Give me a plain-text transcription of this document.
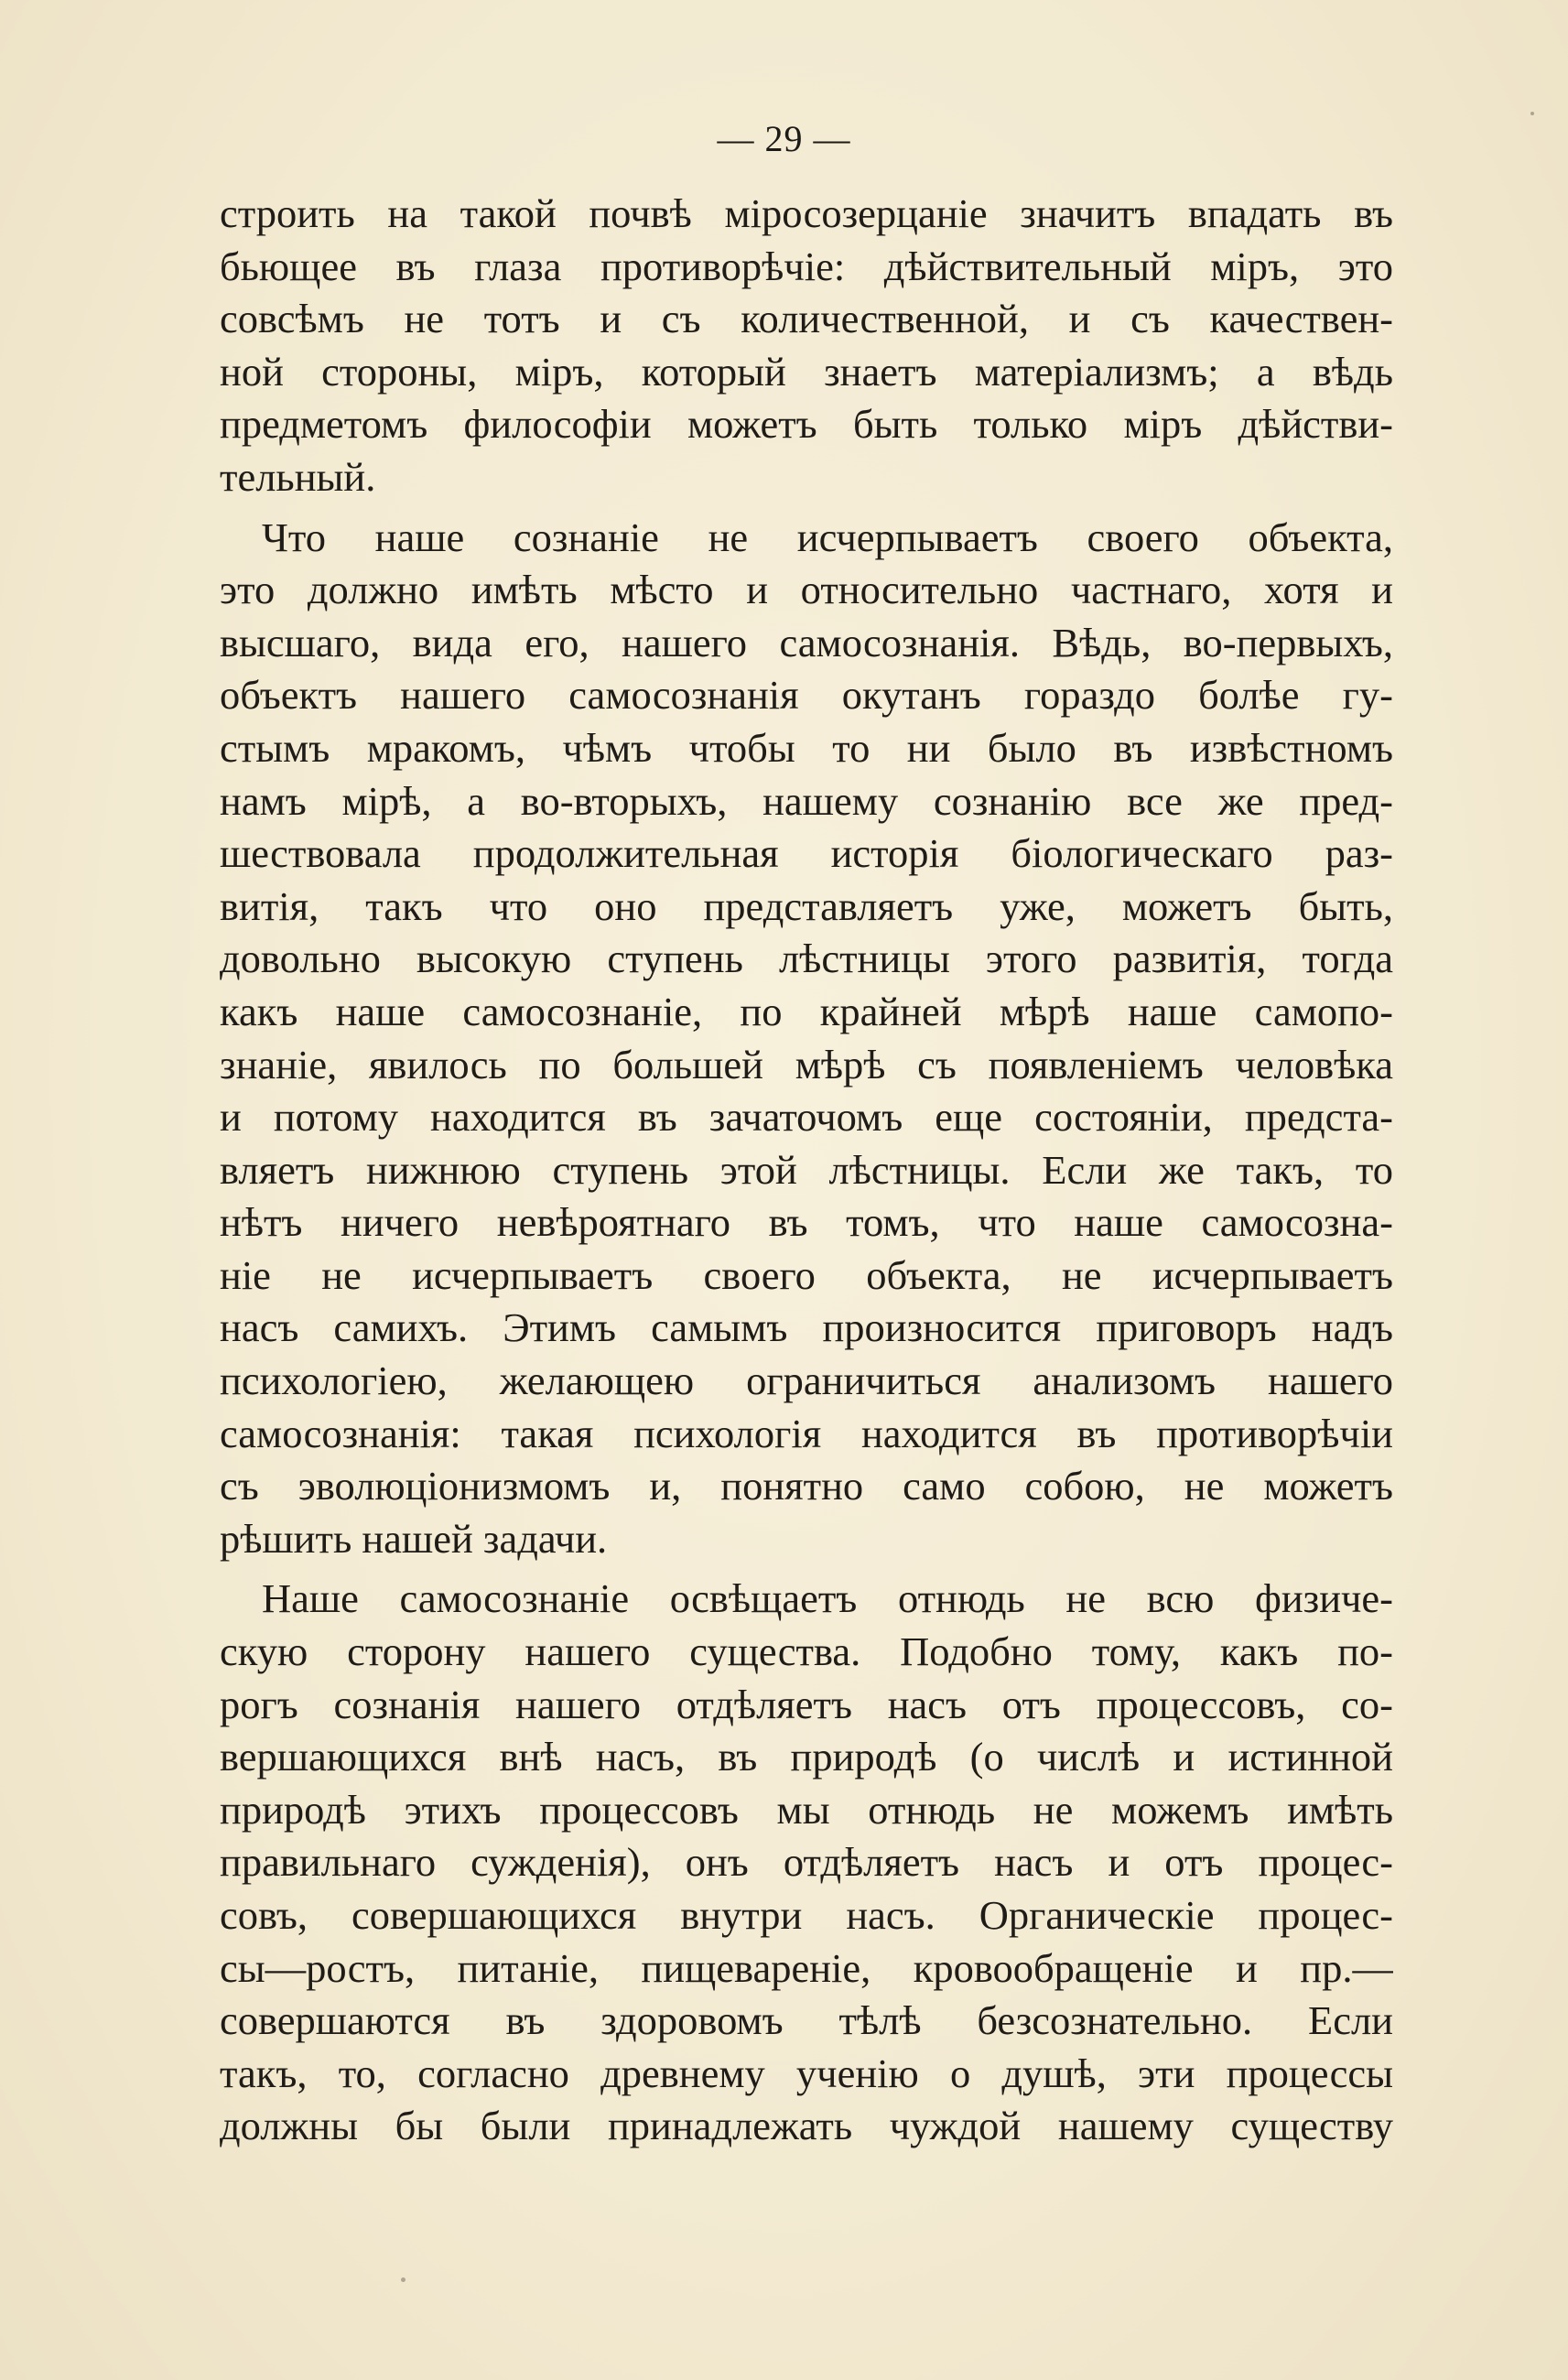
— 29 —
строить на такой почвѣ міросозерцаніе значитъ впадать въ
бьющее въ глаза противорѣчіе: дѣйствительный міръ, это
совсѣмъ не тотъ и съ количественной, и съ качествен-
ной стороны, міръ, который знаетъ матеріализмъ; а вѣдь
предметомъ философіи можетъ быть только міръ дѣйстви-
тельный.
Что наше сознаніе не исчерпываетъ своего объекта,
это должно имѣть мѣсто и относительно частнаго, хотя и
высшаго, вида его, нашего самосознанія. Вѣдь, во-первыхъ,
объектъ нашего самосознанія окутанъ гораздо болѣе гу-
стымъ мракомъ, чѣмъ чтобы то ни было въ извѣстномъ
намъ мірѣ, а во-вторыхъ, нашему сознанію все же пред-
шествовала продолжительная исторія біологическаго раз-
витія, такъ что оно представляетъ уже, можетъ быть,
довольно высокую ступень лѣстницы этого развитія, тогда
какъ наше самосознаніе, по крайней мѣрѣ наше самопо-
знаніе, явилось по большей мѣрѣ съ появленіемъ человѣка
и потому находится въ зачаточомъ еще состояніи, предста-
вляетъ нижнюю ступень этой лѣстницы. Если же такъ, то
нѣтъ ничего невѣроятнаго въ томъ, что наше самосозна-
ніе не исчерпываетъ своего объекта, не исчерпываетъ
насъ самихъ. Этимъ самымъ произносится приговоръ надъ
психологіею, желающею ограничиться анализомъ нашего
самосознанія: такая психологія находится въ противорѣчіи
съ эволюціонизмомъ и, понятно само собою, не можетъ
рѣшить нашей задачи.
Наше самосознаніе освѣщаетъ отнюдь не всю физиче-
скую сторону нашего существа. Подобно тому, какъ по-
рогъ сознанія нашего отдѣляетъ насъ отъ процессовъ, со-
вершающихся внѣ насъ, въ природѣ (о числѣ и истинной
природѣ этихъ процессовъ мы отнюдь не можемъ имѣть
правильнаго сужденія), онъ отдѣляетъ насъ и отъ процес-
совъ, совершающихся внутри насъ. Органическіе процес-
сы—ростъ, питаніе, пищевареніе, кровообращеніе и пр.—
совершаются въ здоровомъ тѣлѣ безсознательно. Если
такъ, то, согласно древнему ученію о душѣ, эти процессы
должны бы были принадлежать чуждой нашему существу
